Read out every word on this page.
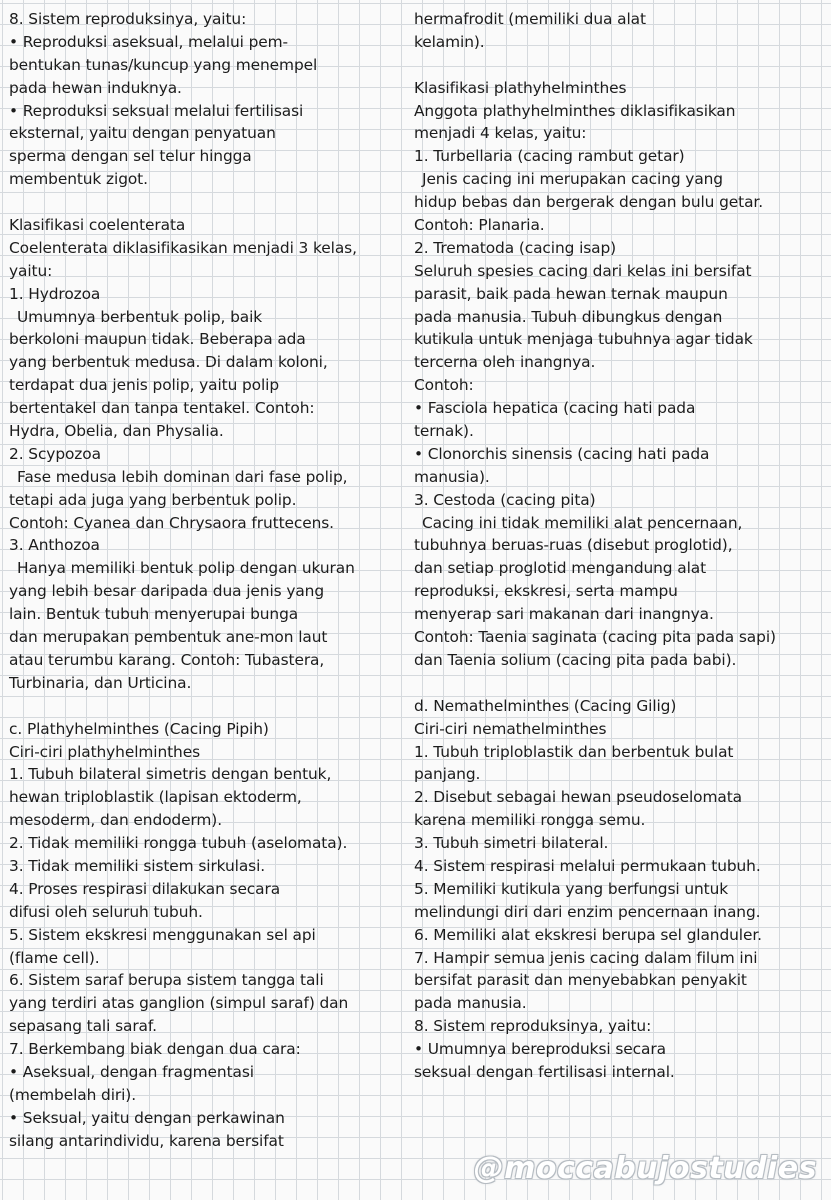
8. Sistem reproduksinya, yaitu:
• Reproduksi aseksual, melalui pem-
bentukan tunas/kuncup yang menempel
pada hewan induknya.
• Reproduksi seksual melalui fertilisasi
eksternal, yaitu dengan penyatuan
sperma dengan sel telur hingga
membentuk zigot.
Klasifikasi coelenterata
Coelenterata diklasifikasikan menjadi 3 kelas,
yaitu:
1. Hydrozoa
Umumnya berbentuk polip, baik
berkoloni maupun tidak. Beberapa ada
yang berbentuk medusa. Di dalam koloni,
terdapat dua jenis polip, yaitu polip
bertentakel dan tanpa tentakel. Contoh:
Hydra, Obelia, dan Physalia.
2. Scypozoa
Fase medusa lebih dominan dari fase polip,
tetapi ada juga yang berbentuk polip.
Contoh: Cyanea dan Chrysaora fruttecens.
3. Anthozoa
Hanya memiliki bentuk polip dengan ukuran
yang lebih besar daripada dua jenis yang
lain. Bentuk tubuh menyerupai bunga
dan merupakan pembentuk ane-mon laut
atau terumbu karang. Contoh: Tubastera,
Turbinaria, dan Urticina.
c. Plathyhelminthes (Cacing Pipih)
Ciri-ciri plathyhelminthes
1. Tubuh bilateral simetris dengan bentuk,
hewan triploblastik (lapisan ektoderm,
mesoderm, dan endoderm).
2. Tidak memiliki rongga tubuh (aselomata).
3. Tidak memiliki sistem sirkulasi.
4. Proses respirasi dilakukan secara
difusi oleh seluruh tubuh.
5. Sistem ekskresi menggunakan sel api
(flame cell).
6. Sistem saraf berupa sistem tangga tali
yang terdiri atas ganglion (simpul saraf) dan
sepasang tali saraf.
7. Berkembang biak dengan dua cara:
• Aseksual, dengan fragmentasi
(membelah diri).
• Seksual, yaitu dengan perkawinan
silang antarindividu, karena bersifat
hermafrodit (memiliki dua alat
kelamin).
Klasifikasi plathyhelminthes
Anggota plathyhelminthes diklasifikasikan
menjadi 4 kelas, yaitu:
1. Turbellaria (cacing rambut getar)
Jenis cacing ini merupakan cacing yang
hidup bebas dan bergerak dengan bulu getar.
Contoh: Planaria.
2. Trematoda (cacing isap)
Seluruh spesies cacing dari kelas ini bersifat
parasit, baik pada hewan ternak maupun
pada manusia. Tubuh dibungkus dengan
kutikula untuk menjaga tubuhnya agar tidak
tercerna oleh inangnya.
Contoh:
• Fasciola hepatica (cacing hati pada
ternak).
• Clonorchis sinensis (cacing hati pada
manusia).
3. Cestoda (cacing pita)
Cacing ini tidak memiliki alat pencernaan,
tubuhnya beruas-ruas (disebut proglotid),
dan setiap proglotid mengandung alat
reproduksi, ekskresi, serta mampu
menyerap sari makanan dari inangnya.
Contoh: Taenia saginata (cacing pita pada sapi)
dan Taenia solium (cacing pita pada babi).
d. Nemathelminthes (Cacing Gilig)
Ciri-ciri nemathelminthes
1. Tubuh triploblastik dan berbentuk bulat
panjang.
2. Disebut sebagai hewan pseudoselomata
karena memiliki rongga semu.
3. Tubuh simetri bilateral.
4. Sistem respirasi melalui permukaan tubuh.
5. Memiliki kutikula yang berfungsi untuk
melindungi diri dari enzim pencernaan inang.
6. Memiliki alat ekskresi berupa sel glanduler.
7. Hampir semua jenis cacing dalam filum ini
bersifat parasit dan menyebabkan penyakit
pada manusia.
8. Sistem reproduksinya, yaitu:
• Umumnya bereproduksi secara
seksual dengan fertilisasi internal.
@moccabujostudies
